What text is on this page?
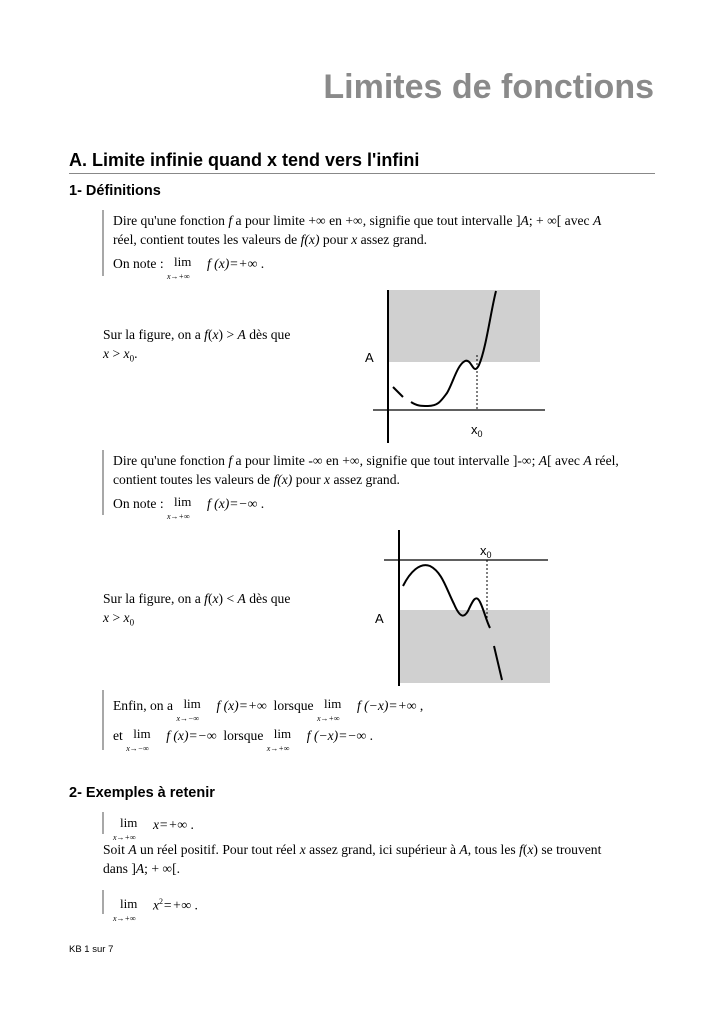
Limites de fonctions
A. Limite infinie quand x tend vers l'infini
1- Définitions
Dire qu'une fonction f a pour limite +∞ en +∞, signifie que tout intervalle ]A; + ∞[ avec A
réel, contient toutes les valeurs de f(x) pour x assez grand.
On note : lim
x→+∞
f (x)=+∞ .
Sur la figure, on a f(x) > A dès que
$x > x_0$.	A
$x_0$
Dire qu'une fonction f a pour limite -∞ en +∞, signifie que tout intervalle ]-∞; A[ avec A réel,
contient toutes les valeurs de f(x) pour x assez grand.
On note : lim
x→+∞
f (x)=−∞ .
Sur la figure, on a f(x) < A dès que
$x > x_0$	A
$x_0$
Enfin, on a lim
x→−∞
f (x)=+∞ lorsque lim
x→+∞
f (−x)=+∞ ,
et lim
x→−∞
f (x)=−∞ lorsque lim
x→+∞
f (−x)=−∞ .
2- Exemples à retenir
lim
x→+∞
x=+∞ .
Soit A un réel positif. Pour tout réel x assez grand, ici supérieur à A, tous les f(x) se trouvent
dans ]A; + ∞[.
lim
x→+∞
$x^2=+\infty$ .
KB 1 sur 7
